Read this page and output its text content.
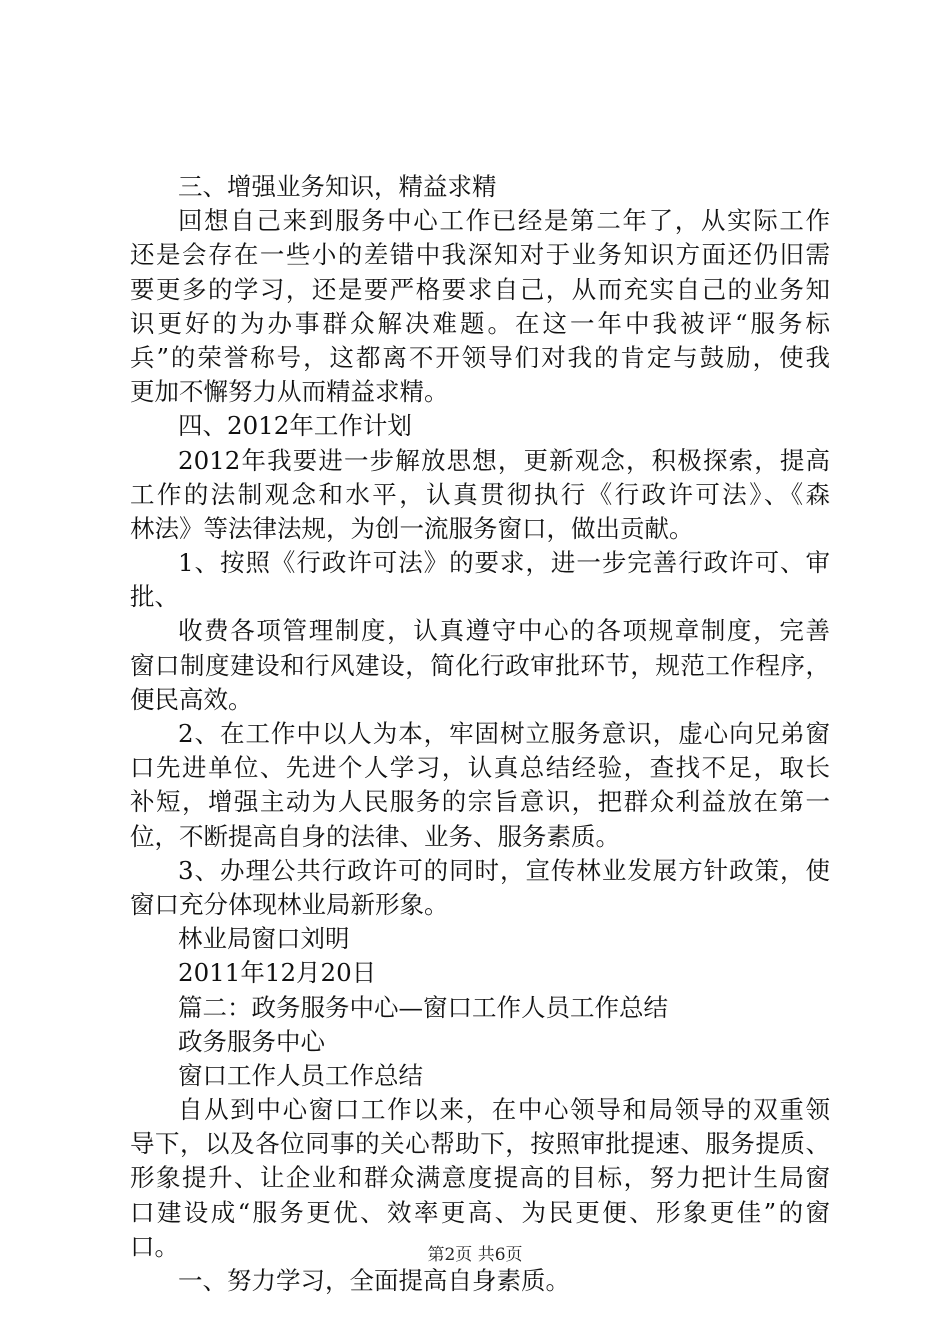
三、增强业务知识，精益求精
回想自己来到服务中心工作已经是第二年了，从实际工作
还是会存在一些小的差错中我深知对于业务知识方面还仍旧需
要更多的学习，还是要严格要求自己，从而充实自己的业务知
识更好的为办事群众解决难题。在这一年中我被评“服务标
兵”的荣誉称号，这都离不开领导们对我的肯定与鼓励，使我
更加不懈努力从而精益求精。
四、2012年工作计划
2012年我要进一步解放思想，更新观念，积极探索，提高
工作的法制观念和水平，认真贯彻执行《行政许可法》、《森
林法》等法律法规，为创一流服务窗口，做出贡献。
1、按照《行政许可法》的要求，进一步完善行政许可、审
批、
收费各项管理制度，认真遵守中心的各项规章制度，完善
窗口制度建设和行风建设，简化行政审批环节，规范工作程序，
便民高效。
2、在工作中以人为本，牢固树立服务意识，虚心向兄弟窗
口先进单位、先进个人学习，认真总结经验，查找不足，取长
补短，增强主动为人民服务的宗旨意识，把群众利益放在第一
位，不断提高自身的法律、业务、服务素质。
3、办理公共行政许可的同时，宣传林业发展方针政策，使
窗口充分体现林业局新形象。
林业局窗口刘明
2011年12月20日
篇二：政务服务中心—窗口工作人员工作总结
政务服务中心
窗口工作人员工作总结
自从到中心窗口工作以来，在中心领导和局领导的双重领
导下，以及各位同事的关心帮助下，按照审批提速、服务提质、
形象提升、让企业和群众满意度提高的目标，努力把计生局窗
口建设成“服务更优、效率更高、为民更便、形象更佳”的窗
口。
一、努力学习，全面提高自身素质。
第2页 共6页
